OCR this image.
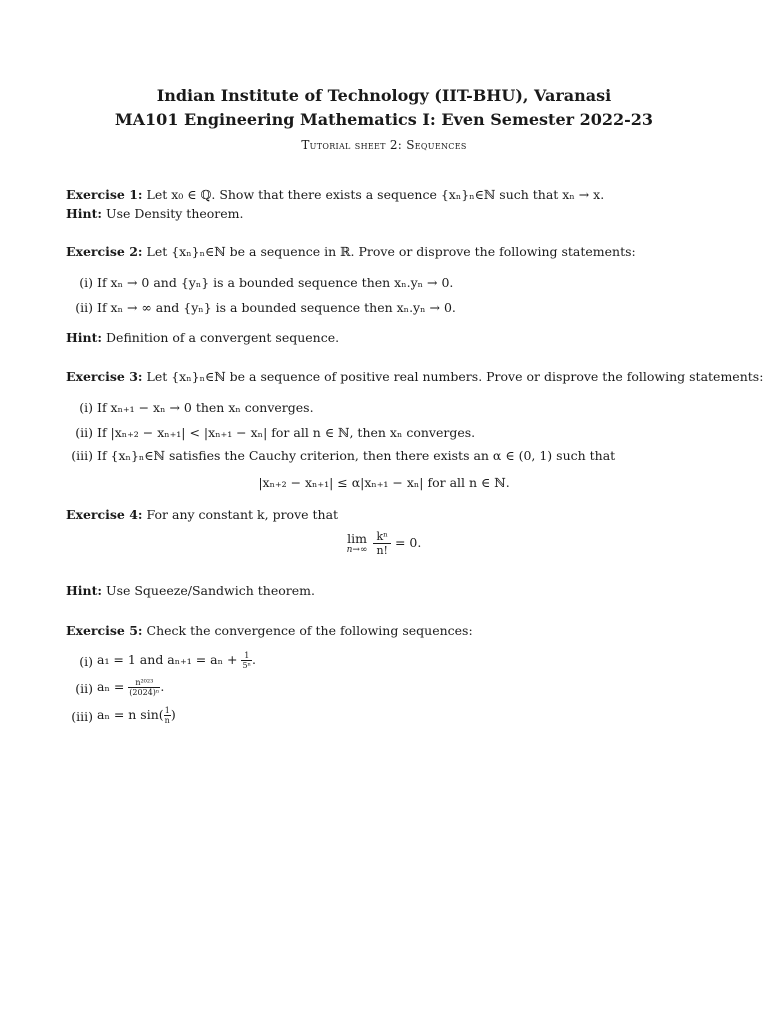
Indian Institute of Technology (IIT-BHU), Varanasi
MA101 Engineering Mathematics I: Even Semester 2022-23
Tutorial sheet 2: Sequences
Exercise 1: Let x₀ ∈ ℚ. Show that there exists a sequence {xₙ}ₙ∈ℕ such that xₙ → x.
Hint: Use Density theorem.
Exercise 2: Let {xₙ}ₙ∈ℕ be a sequence in ℝ. Prove or disprove the following statements:
(i) If xₙ → 0 and {yₙ} is a bounded sequence then xₙ.yₙ → 0.
(ii) If xₙ → ∞ and {yₙ} is a bounded sequence then xₙ.yₙ → 0.
Hint: Definition of a convergent sequence.
Exercise 3: Let {xₙ}ₙ∈ℕ be a sequence of positive real numbers. Prove or disprove the following statements:
(i) If xₙ₊₁ − xₙ → 0 then xₙ converges.
(ii) If |xₙ₊₂ − xₙ₊₁| < |xₙ₊₁ − xₙ| for all n ∈ ℕ, then xₙ converges.
(iii) If {xₙ}ₙ∈ℕ satisfies the Cauchy criterion, then there exists an α ∈ (0, 1) such that
|xₙ₊₂ − xₙ₊₁| ≤ α|xₙ₊₁ − xₙ| for all n ∈ ℕ.
Exercise 4: For any constant k, prove that
lim
n→∞
$\frac{\text{kⁿ}}{n!} = 0$.
Hint: Use Squeeze/Sandwich theorem.
Exercise 5: Check the convergence of the following sequences:
(i) a₁ = 1 and $a_{n+1} = a_n + \frac{1}{\text{5ⁿ}}$ .
(ii) $a_n = \frac{\text{n²⁰²³}}{\text{(2024)ⁿ}}$ .
(iii) aₙ = n $\sin( \frac{1}{n}$ )
